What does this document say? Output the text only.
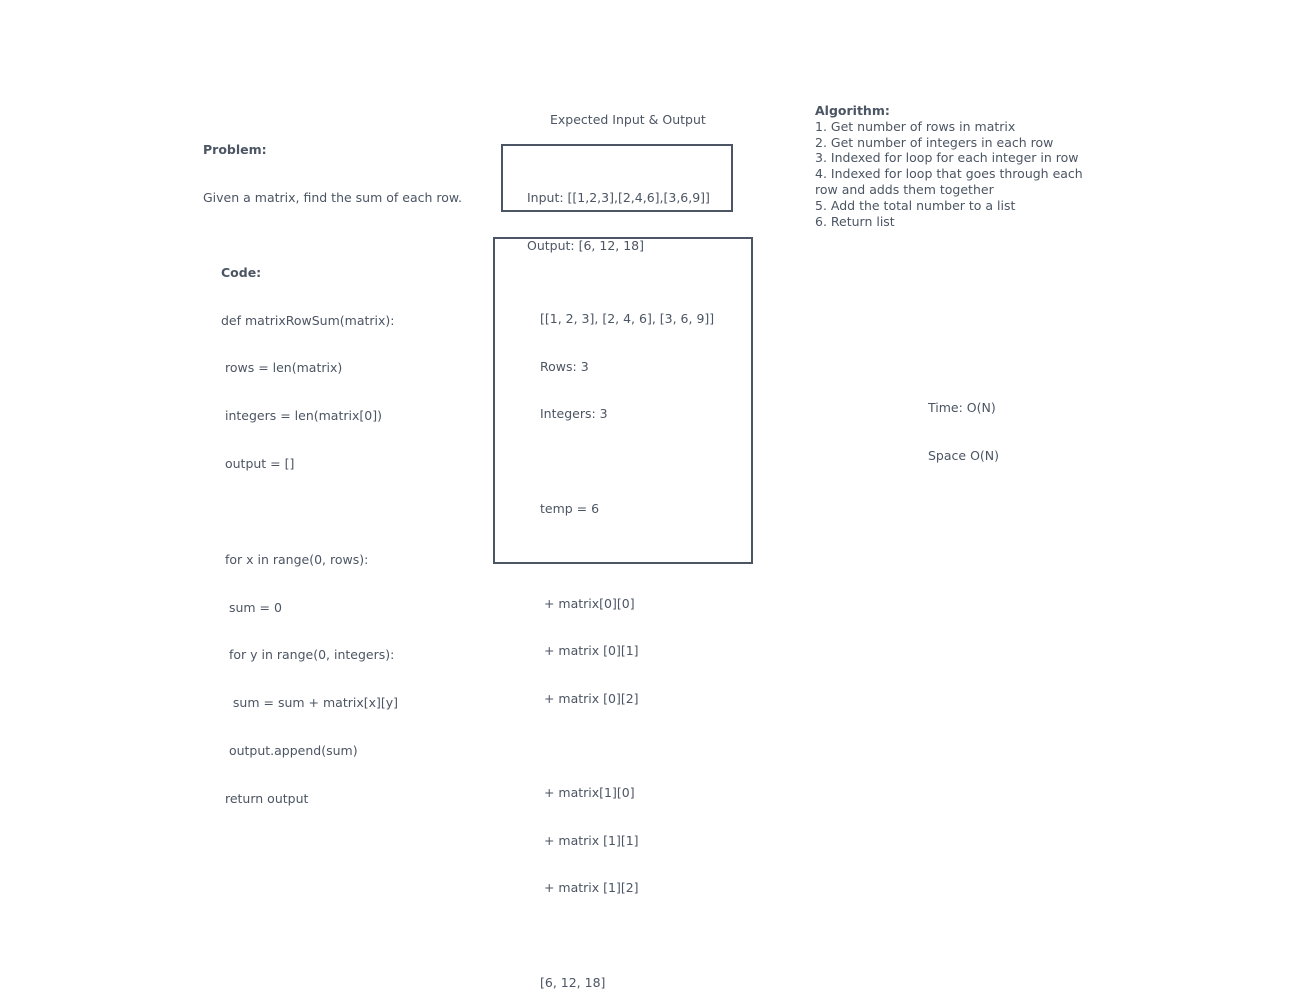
Problem:

Given a matrix, find the sum of each row.

Expected Input & Output

Input: [[1,2,3],[2,4,6],[3,6,9]]

Output: [6, 12, 18]

Algorithm:
1. Get number of rows in matrix
2. Get number of integers in each row
3. Indexed for loop for each integer in row
4. Indexed for loop that goes through each row and adds them together
5. Add the total number to a list
6. Return list

Code:

def matrixRowSum(matrix):

rows = len(matrix)

integers = len(matrix[0])

output = []

for x in range(0, rows):

sum = 0

for y in range(0, integers):

sum = sum + matrix[x][y]

output.append(sum)

return output

[[1, 2, 3], [2, 4, 6], [3, 6, 9]]

Rows: 3

Integers: 3

temp = 6

+ matrix[0][0]

+ matrix [0][1]

+ matrix [0][2]

+ matrix[1][0]

+ matrix [1][1]

+ matrix [1][2]

[6, 12, 18]

Time: O(N)

Space O(N)
